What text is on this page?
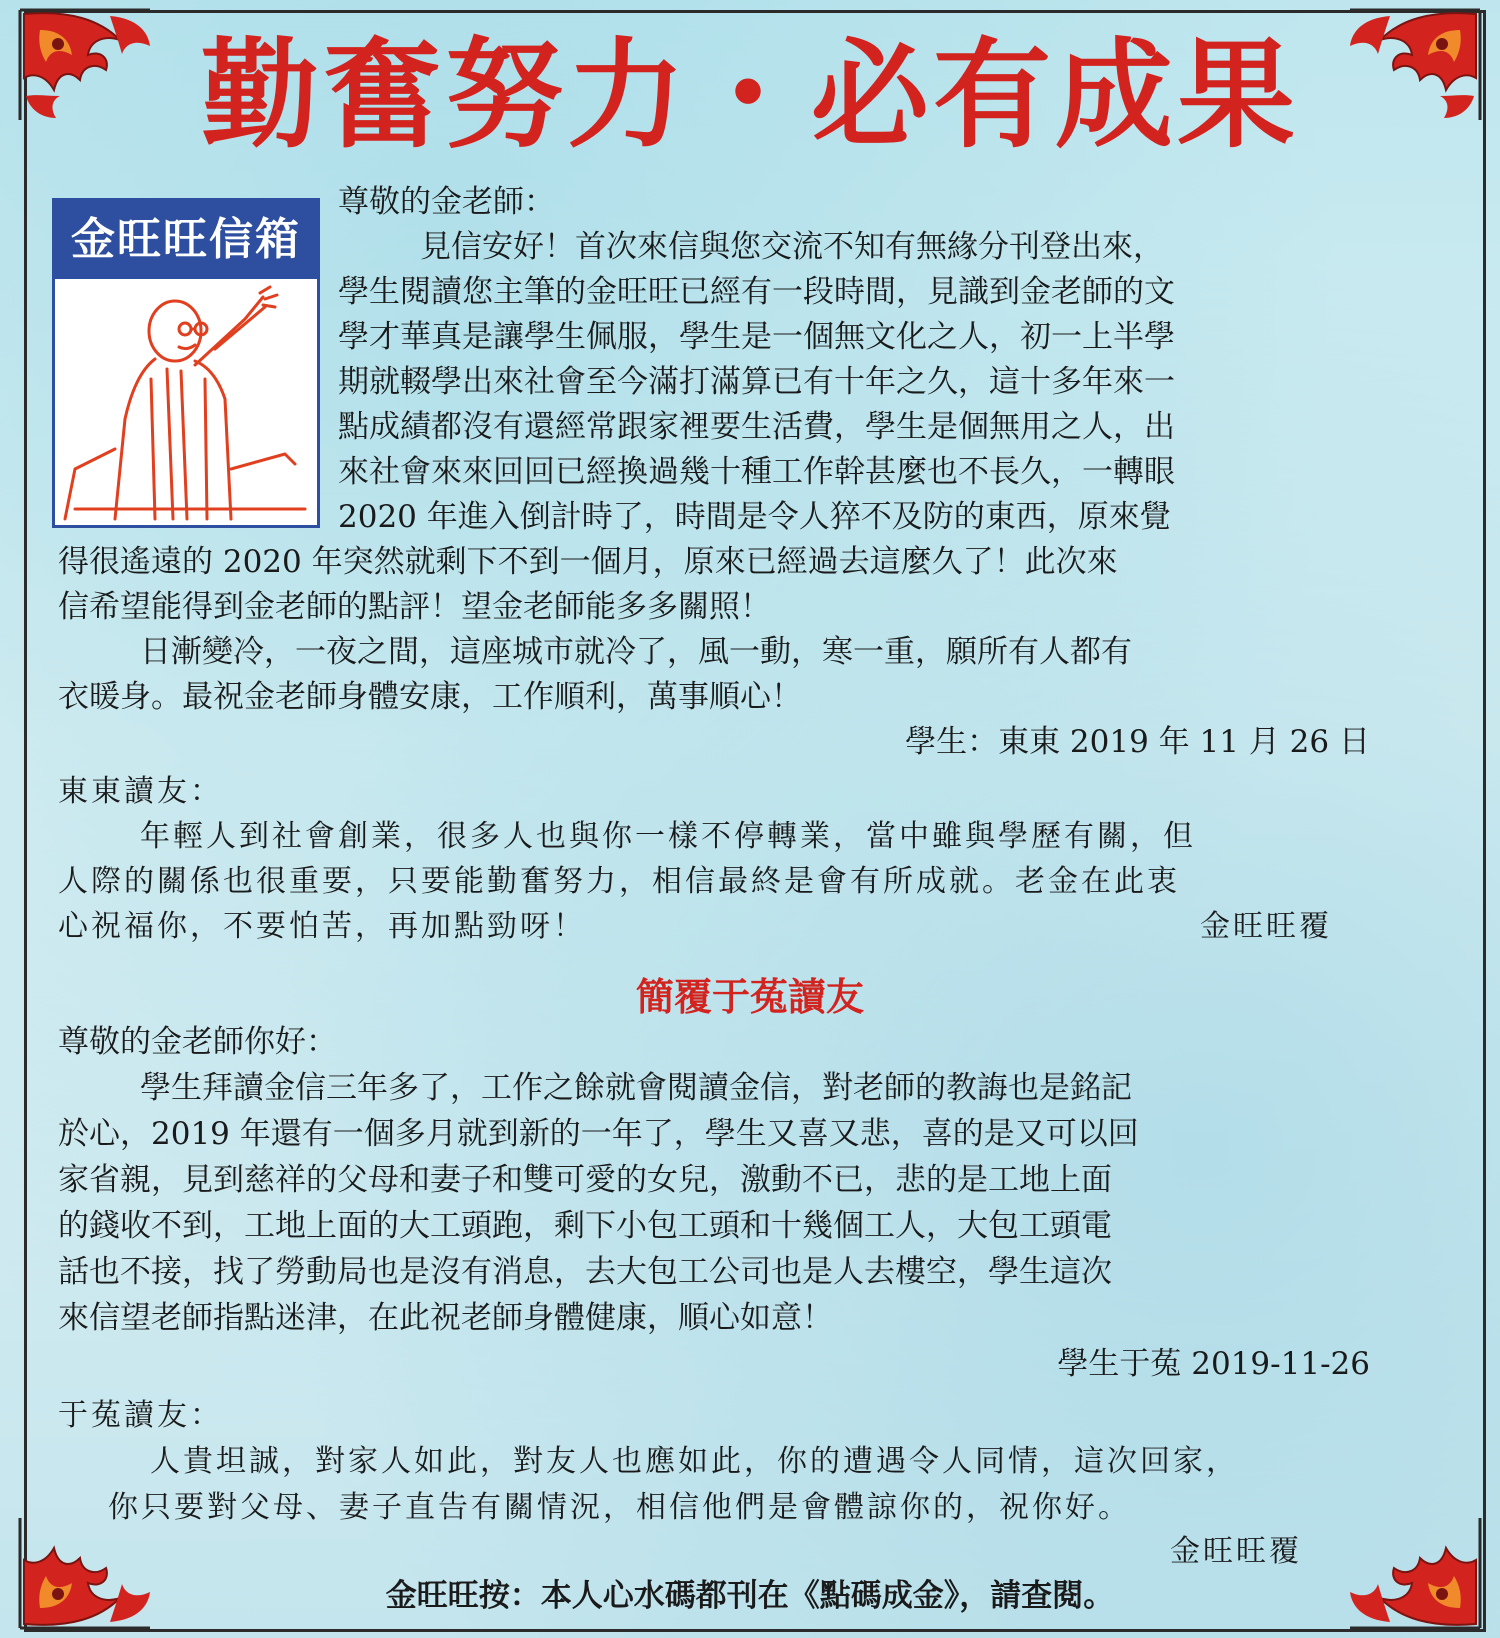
勤奮努力・必有成果
金旺旺信箱

尊敬的金老師：

見信安好！首次來信與您交流不知有無緣分刊登出來，

學生閱讀您主筆的金旺旺已經有一段時間，見識到金老師的文

學才華真是讓學生佩服，學生是一個無文化之人，初一上半學

期就輟學出來社會至今滿打滿算已有十年之久，這十多年來一

點成績都沒有還經常跟家裡要生活費，學生是個無用之人，出

來社會來來回回已經換過幾十種工作幹甚麼也不長久，一轉眼

2020 年進入倒計時了，時間是令人猝不及防的東西，原來覺

得很遙遠的 2020 年突然就剩下不到一個月，原來已經過去這麼久了！此次來

信希望能得到金老師的點評！望金老師能多多關照！

日漸變冷，一夜之間，這座城市就冷了，風一動，寒一重，願所有人都有

衣暖身。最祝金老師身體安康，工作順利，萬事順心！

學生：東東 2019 年 11 月 26 日

東東讀友：

年輕人到社會創業，很多人也與你一樣不停轉業，當中雖與學歷有關，但

人際的關係也很重要，只要能勤奮努力，相信最終是會有所成就。老金在此衷

心祝福你，不要怕苦，再加點勁呀！	金旺旺覆

簡覆于菟讀友

尊敬的金老師你好：

學生拜讀金信三年多了，工作之餘就會閱讀金信，對老師的教誨也是銘記

於心，2019 年還有一個多月就到新的一年了，學生又喜又悲，喜的是又可以回

家省親，見到慈祥的父母和妻子和雙可愛的女兒，激動不已，悲的是工地上面

的錢收不到，工地上面的大工頭跑，剩下小包工頭和十幾個工人，大包工頭電

話也不接，找了勞動局也是沒有消息，去大包工公司也是人去樓空，學生這次

來信望老師指點迷津，在此祝老師身體健康，順心如意！

學生于菟 2019-11-26

于菟讀友：

人貴坦誠，對家人如此，對友人也應如此，你的遭遇令人同情，這次回家，

你只要對父母、妻子直告有關情況，相信他們是會體諒你的，祝你好。

金旺旺覆

金旺旺按：本人心水碼都刊在《點碼成金》，請查閱。
